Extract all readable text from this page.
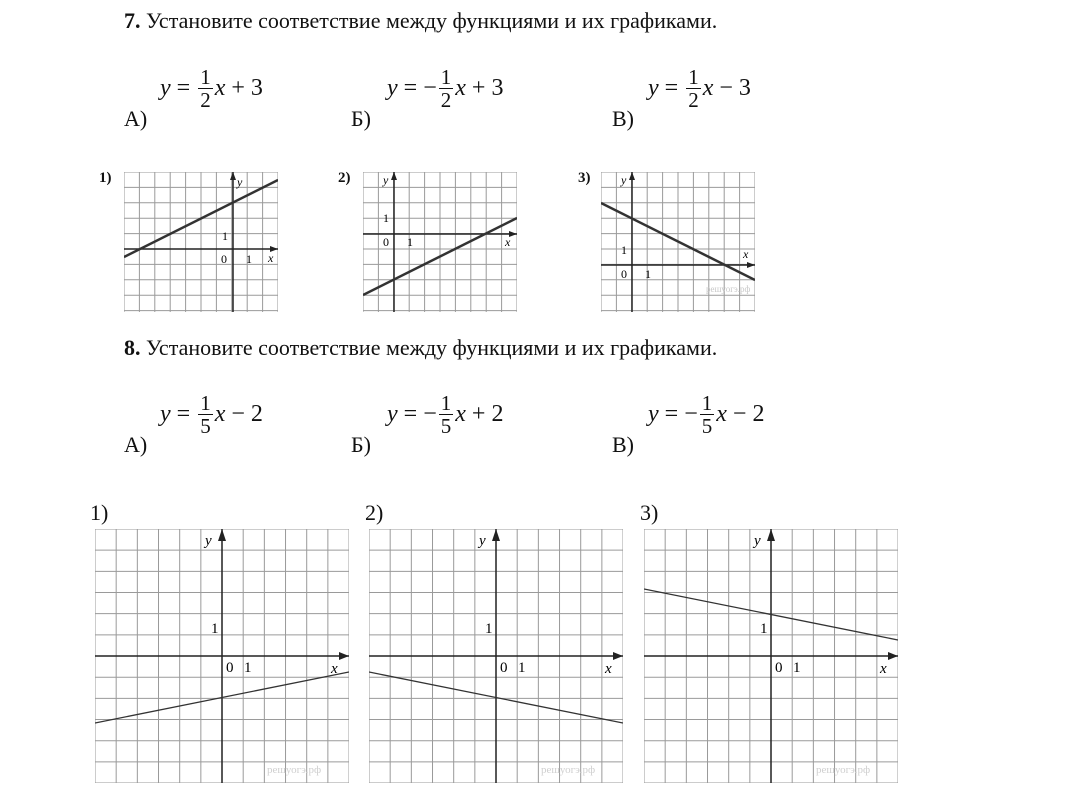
7. Установите соответствие между функциями и их графиками.
А)
y
=
$\frac{1}{2}$ x
+
3
Б)
y
=
− $\frac{1}{2}$ x
+
3
В)
y
=
$\frac{1}{2}$ x
−
3
1)	2)	3)
y
x
0 1
1
y
x
0 1
1
y
x
0 1
1
решуогэ.рф
8. Установите соответствие между функциями и их графиками.
А)
y
=
$\frac{1}{5}$ x
−
2
Б)
y
=
− $\frac{1}{5}$ x
+
2
В)
y
=
− $\frac{1}{5}$ x
−
2
1)	2)	3)
y
x
0 1
1
решуогэ.рф
y
x
0 1
1
решуогэ.рф
y
x
0 1
1
решуогэ.рф
